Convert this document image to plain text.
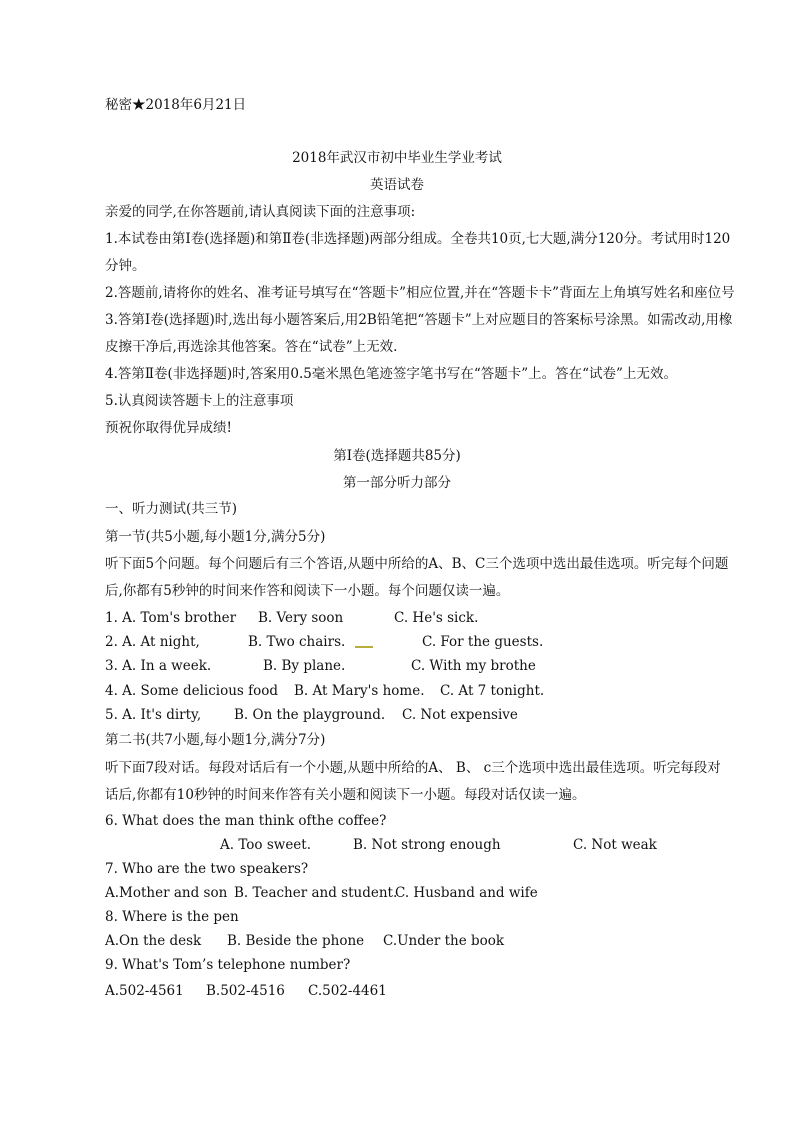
秘密★2018年6月21日
2018年武汉市初中毕业生学业考试
英语试卷
亲爱的同学,在你答题前,请认真阅读下面的注意事项:
1.本试卷由第Ⅰ卷(选择题)和第Ⅱ卷(非选择题)两部分组成。全卷共10页,七大题,满分120分。考试用时120
分钟。
2.答题前,请将你的姓名、准考证号填写在“答题卡”相应位置,并在“答题卡卡”背面左上角填写姓名和座位号
3.答第Ⅰ卷(选择题)时,选出每小题答案后,用2B铅笔把“答题卡”上对应题目的答案标号涂黑。如需改动,用橡
皮擦干净后,再选涂其他答案。答在“试卷”上无效.
4.答第Ⅱ卷(非选择题)时,答案用0.5毫米黑色笔迹签字笔书写在“答题卡”上。答在“试卷”上无效。
5.认真阅读答题卡上的注意事项
预祝你取得优异成绩!
第Ⅰ卷(选择题共85分)
第一部分听力部分
一、听力测试(共三节)
第一节(共5小题,每小题1分,满分5分)
听下面5个问题。每个问题后有三个答语,从题中所给的A、B、C三个选项中选出最佳选项。听完每个问题
后,你都有5秒钟的时间来作答和阅读下一小题。每个问题仅读一遍。
1. A. Tom's brother B. Very soon	C. He's sick.
2. A. At night,	B. Two chairs.	C. For the guests.
3. A. In a week.	B. By plane.	C. With my brothe
4. A. Some delicious food B. At Mary's home. C. At 7 tonight.
5. A. It's dirty, B. On the playground. C. Not expensive
第二书(共7小题,每小题1分,满分7分)
听下面7段对话。每段对话后有一个小题,从题中所给的A、 B、 c三个选项中选出最佳选项。听完每段对
话后,你都有10秒钟的时间来作答有关小题和阅读下一小题。每段对话仅读一遍。
6. What does the man think ofthe coffee?
A. Too sweet.	B. Not strong enough	C. Not weak
7. Who are the two speakers?
A.Mother and son B. Teacher and student.
C. Husband and wife
8. Where is the pen
A.On the desk B. Beside the phone C.Under the book
9. What's Tom’s telephone number?
A.502-4561 B.502-4516 C.502-4461
